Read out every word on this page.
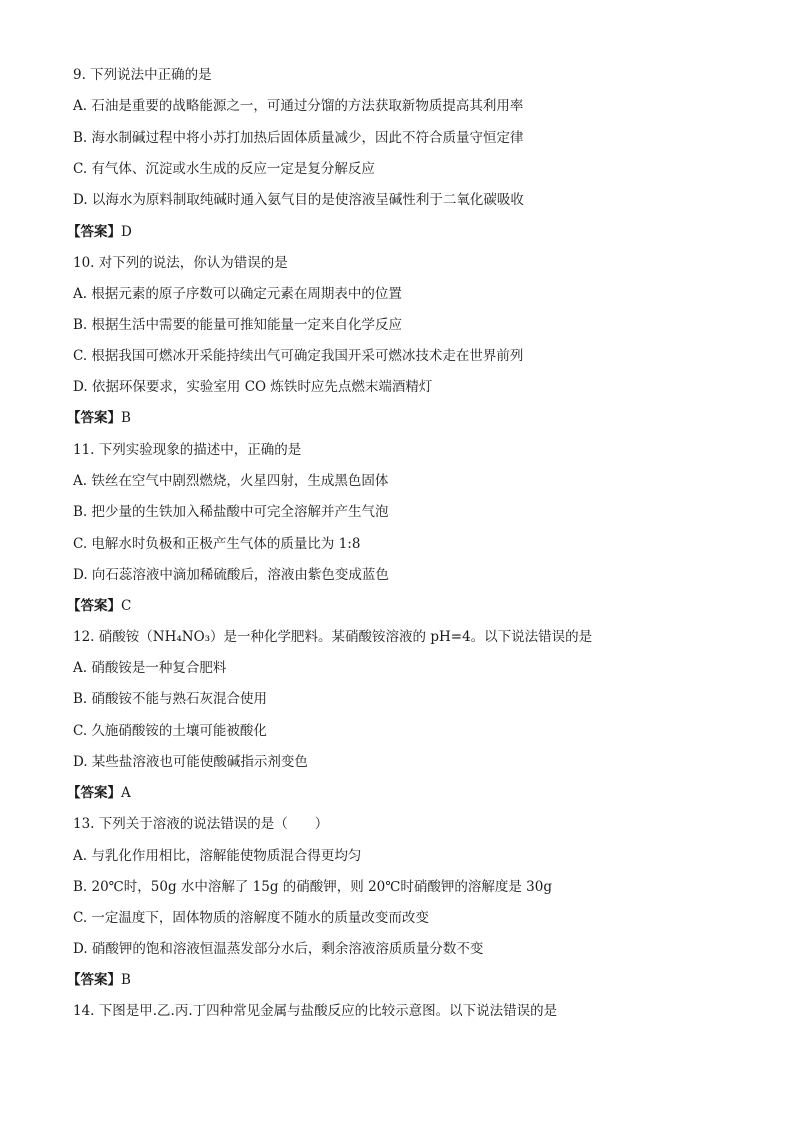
9. 下列说法中正确的是
A. 石油是重要的战略能源之一，可通过分馏的方法获取新物质提高其利用率
B. 海水制碱过程中将小苏打加热后固体质量减少，因此不符合质量守恒定律
C. 有气体、沉淀或水生成的反应一定是复分解反应
D. 以海水为原料制取纯碱时通入氨气目的是使溶液呈碱性利于二氧化碳吸收
【答案】D
10. 对下列的说法，你认为错误的是
A. 根据元素的原子序数可以确定元素在周期表中的位置
B. 根据生活中需要的能量可推知能量一定来自化学反应
C. 根据我国可燃冰开采能持续出气可确定我国开采可燃冰技术走在世界前列
D. 依据环保要求，实验室用 CO 炼铁时应先点燃末端酒精灯
【答案】B
11. 下列实验现象的描述中，正确的是
A. 铁丝在空气中剧烈燃烧，火星四射，生成黑色固体
B. 把少量的生铁加入稀盐酸中可完全溶解并产生气泡
C. 电解水时负极和正极产生气体的质量比为 1:8
D. 向石蕊溶液中滴加稀硫酸后，溶液由紫色变成蓝色
【答案】C
12. 硝酸铵（NH₄NO₃）是一种化学肥料。某硝酸铵溶液的 pH=4。以下说法错误的是
A. 硝酸铵是一种复合肥料
B. 硝酸铵不能与熟石灰混合使用
C. 久施硝酸铵的土壤可能被酸化
D. 某些盐溶液也可能使酸碱指示剂变色
【答案】A
13. 下列关于溶液的说法错误的是（　　）
A. 与乳化作用相比，溶解能使物质混合得更均匀
B. 20℃时，50g 水中溶解了 15g 的硝酸钾，则 20℃时硝酸钾的溶解度是 30g
C. 一定温度下，固体物质的溶解度不随水的质量改变而改变
D. 硝酸钾的饱和溶液恒温蒸发部分水后，剩余溶液溶质质量分数不变
【答案】B
14. 下图是甲.乙.丙.丁四种常见金属与盐酸反应的比较示意图。以下说法错误的是
